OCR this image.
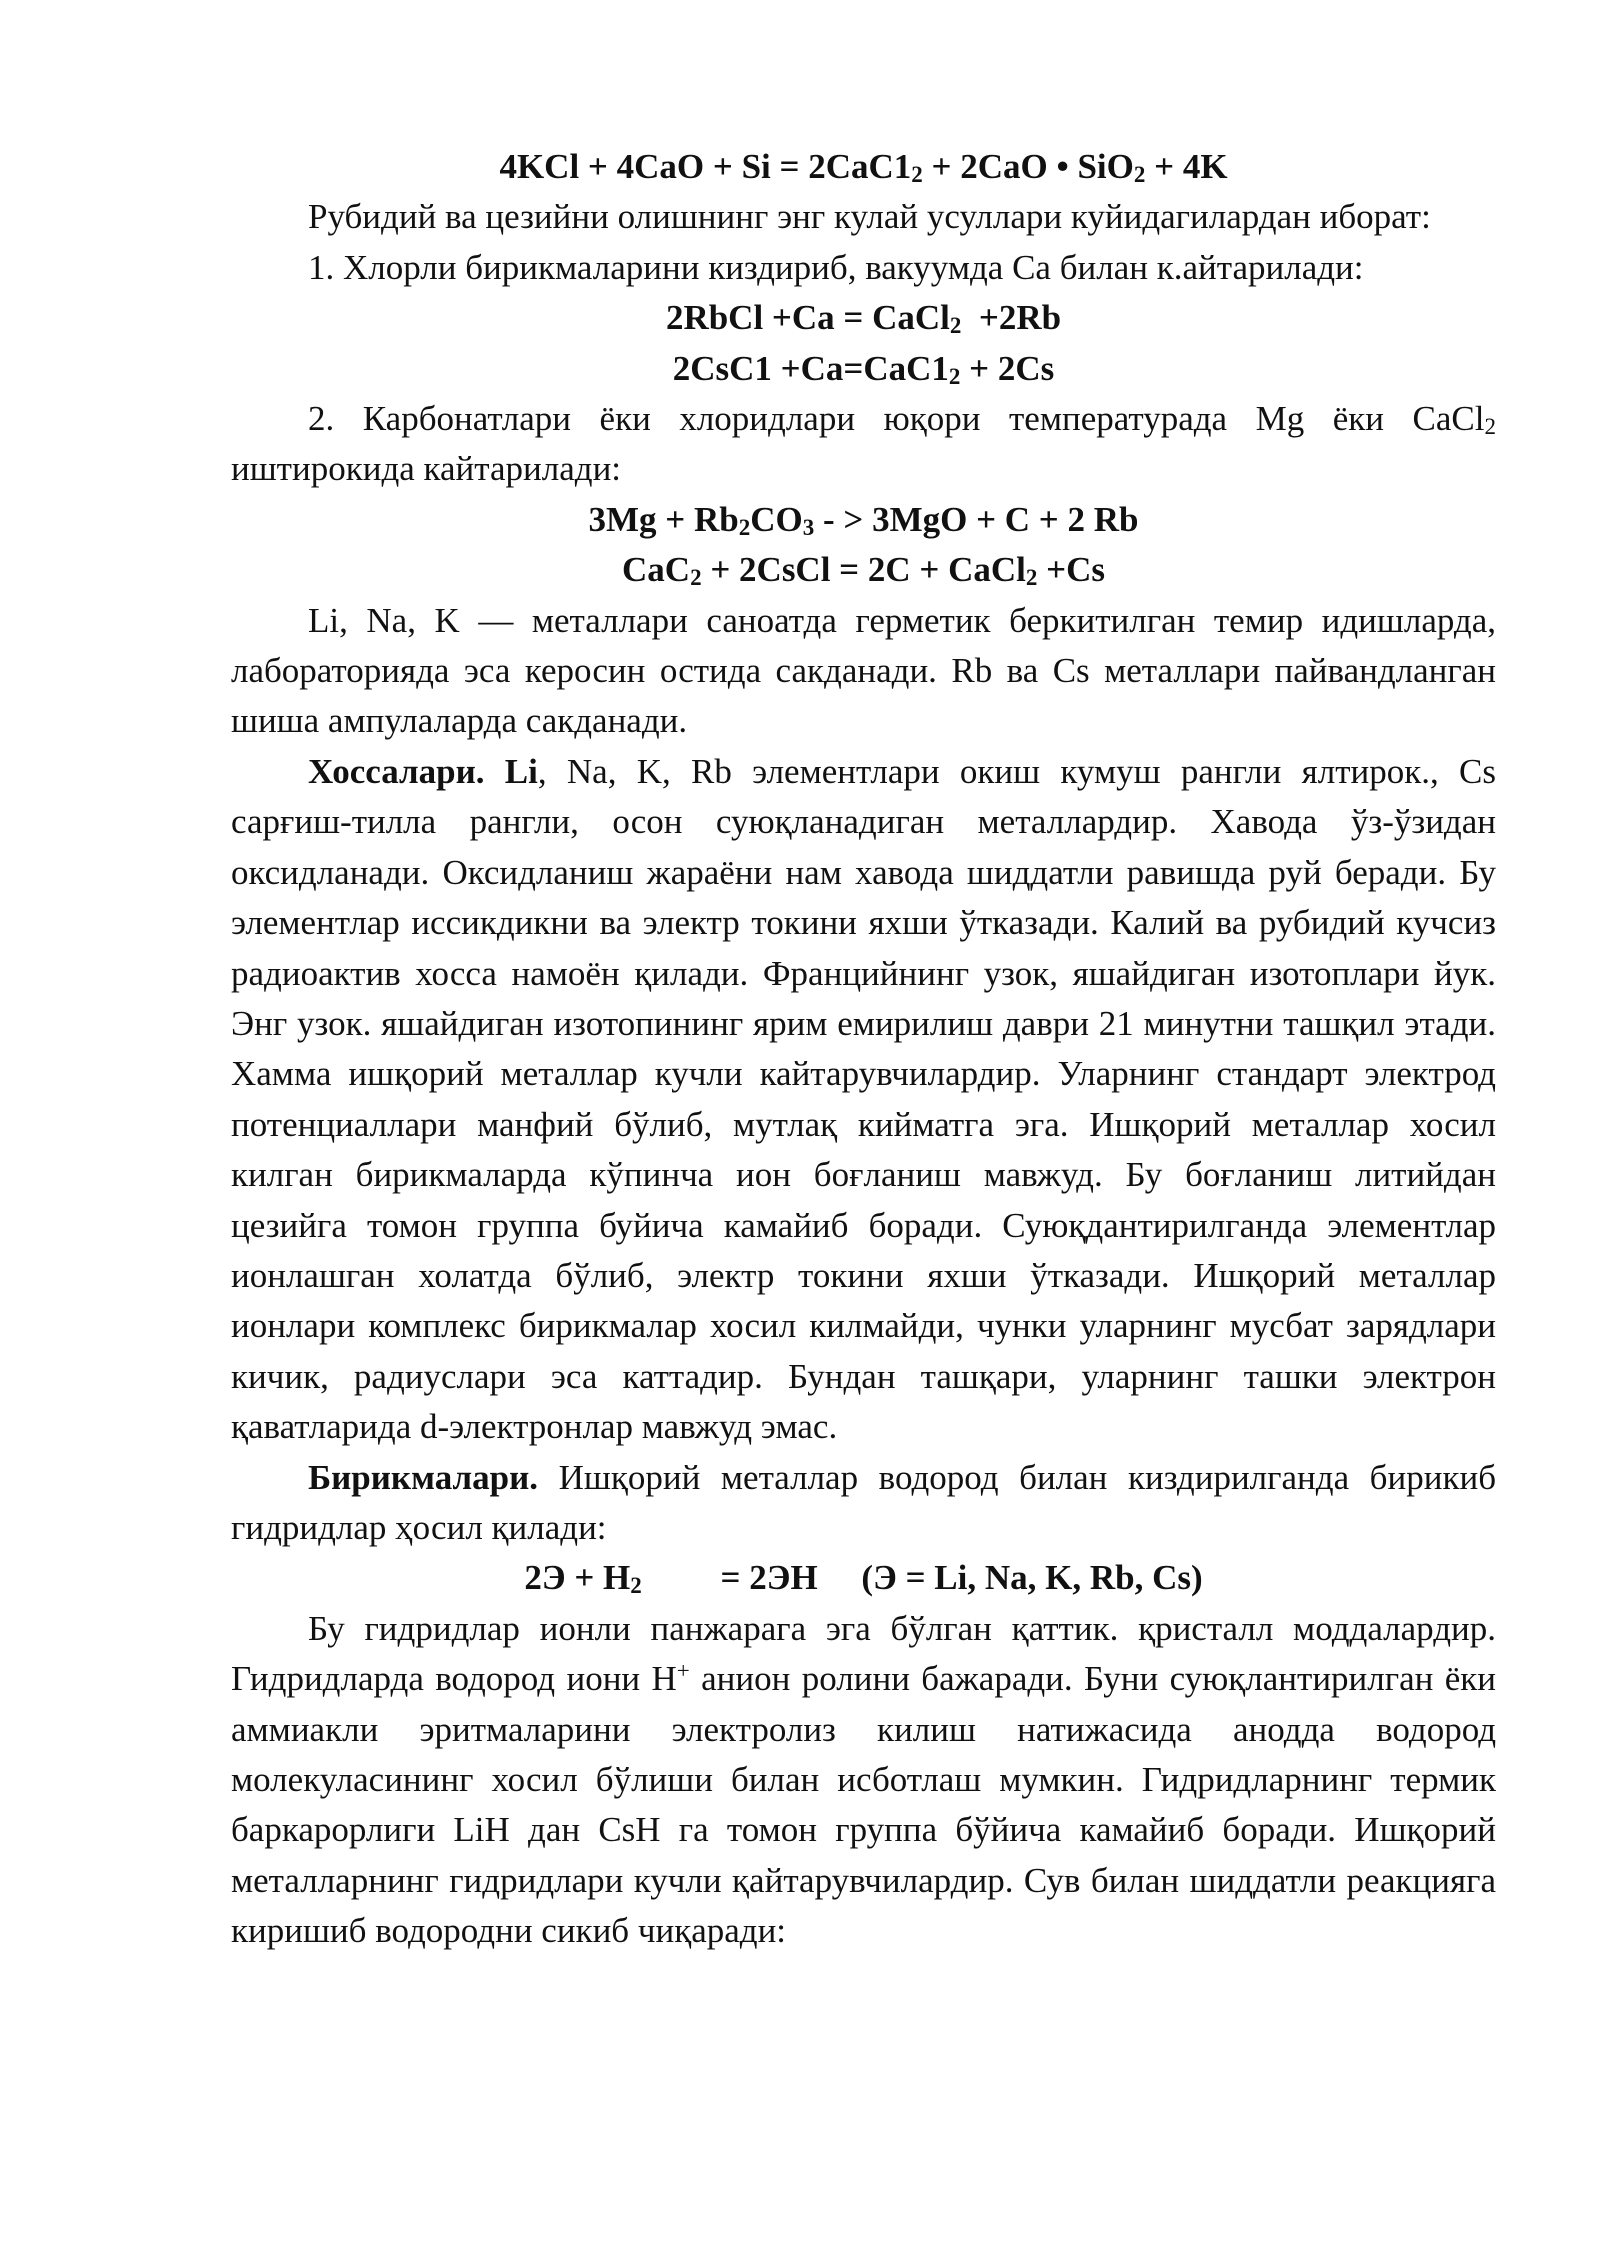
$4KCl + 4CaO + Si = 2CaC1_2 + 2CaO$ • SiO$_2$ + 4K
Рубидий ва цезийни олишнинг энг кулай усуллари куйидагилардан иборат:
1. Хлорли бирикмаларини киздириб, вакуумда Са билан к.айтарилади:
2RbCl +Ca = CaCl$_2$  +2Rb
$2CsC1 +Ca=CaC1_2 + 2Cs$
2. Карбонатлари ёки хлоридлари юқори температурада Mg ёки CaCl$_2$ иштирокида кайтарилади:
$3Mg + Rb_2CO_3$ - > 3MgO + C + 2 Rb
CaC$_2$ + 2CsCl = 2C + CaCl$_2$ +Cs
Li, Na, K — металлари саноатда герметик беркитилган темир идишларда, лабораторияда эса керосин остида сакданади. Rb ва Cs металлари пайвандланган шиша ампулаларда сакданади.
Хоссалари. Li, Na, K, Rb элементлари окиш кумуш рангли ялтирок., Cs сарғиш-тилла рангли, осон суюқланадиган металлардир. Хавода ўз-ўзидан оксидланади. Оксидланиш жараёни нам хавода шиддатли равишда руй беради. Бу элементлар иссикдикни ва электр токини яхши ўтказади. Калий ва рубидий кучсиз радиоактив хосса намоён қилади. Францийнинг узок, яшайдиган изотоплари йук. Энг узок. яшайдиган изотопининг ярим емирилиш даври 21 минутни ташқил этади. Хамма ишқорий металлар кучли кайтарувчилардир. Уларнинг стандарт электрод потенциаллари манфий бўлиб, мутлақ кийматга эга. Ишқорий металлар хосил килган бирикмаларда кўпинча ион боғланиш мавжуд. Бу боғланиш литийдан цезийга томон группа буйича камайиб боради. Суюқдантирилганда элементлар ионлашган холатда бўлиб, электр токини яхши ўтказади. Ишқорий металлар ионлари комплекс бирикмалар хосил килмайди, чунки уларнинг мусбат зарядлари кичик, радиуслари эса каттадир. Бундан ташқари, уларнинг ташки электрон қаватларида d-электронлар мавжуд эмас.
Бирикмалари. Ишқорий металлар водород билан киздирилганда бирикиб гидридлар ҳосил қилади:
$2Э + Н_2$         = 2ЭН     (Э = Li, Na, K, Rb, Cs)
Бу гидридлар ионли панжарага эга бўлган қаттик. қристалл моддалардир. Гидридларда водород иони Н+ анион ролини бажаради. Буни суюқлантирилган ёки аммиакли эритмаларини электролиз килиш натижасида анодда водород молекуласининг хосил бўлиши билан исботлаш мумкин. Гидридларнинг термик баркарорлиги LiН дан CsH га томон группа бўйича камайиб боради. Ишқорий металларнинг гидридлари кучли қайтарувчилардир. Сув билан шиддатли реакцияга киришиб водородни сикиб чиқаради:
